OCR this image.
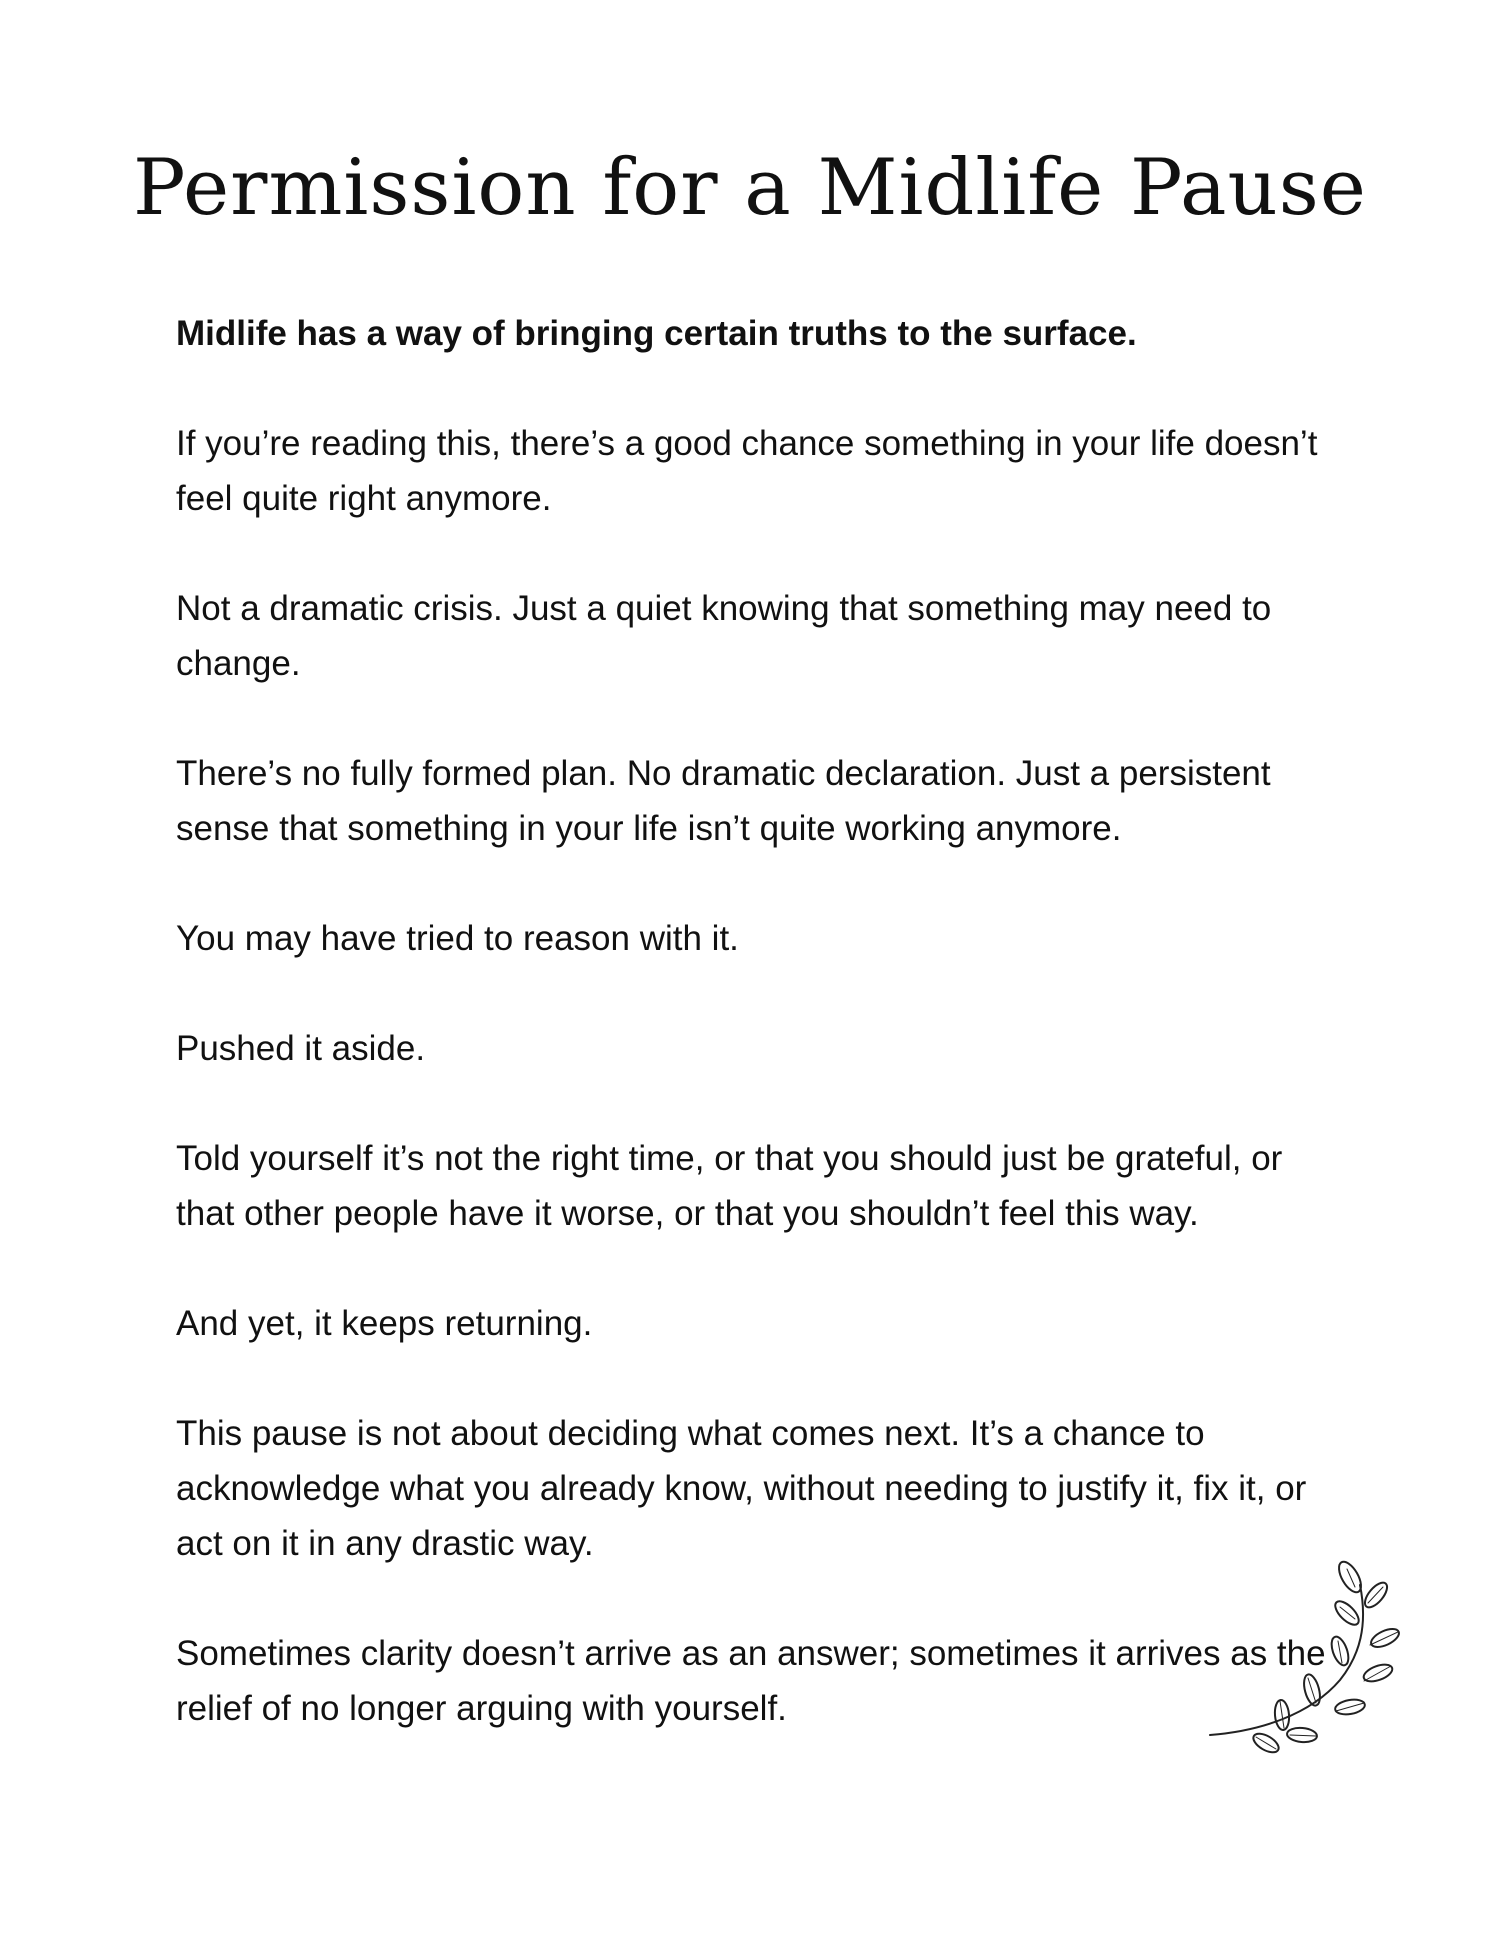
Permission for a Midlife Pause

Midlife has a way of bringing certain truths to the surface.

If you’re reading this, there’s a good chance something in your life doesn’t feel quite right anymore.

Not a dramatic crisis. Just a quiet knowing that something may need to change.

There’s no fully formed plan. No dramatic declaration. Just a persistent sense that something in your life isn’t quite working anymore.

You may have tried to reason with it.

Pushed it aside.

Told yourself it’s not the right time, or that you should just be grateful, or that other people have it worse, or that you shouldn’t feel this way.

And yet, it keeps returning.

This pause is not about deciding what comes next. It’s a chance to acknowledge what you already know, without needing to justify it, fix it, or act on it in any drastic way.

Sometimes clarity doesn’t arrive as an answer; sometimes it arrives as the relief of no longer arguing with yourself.
